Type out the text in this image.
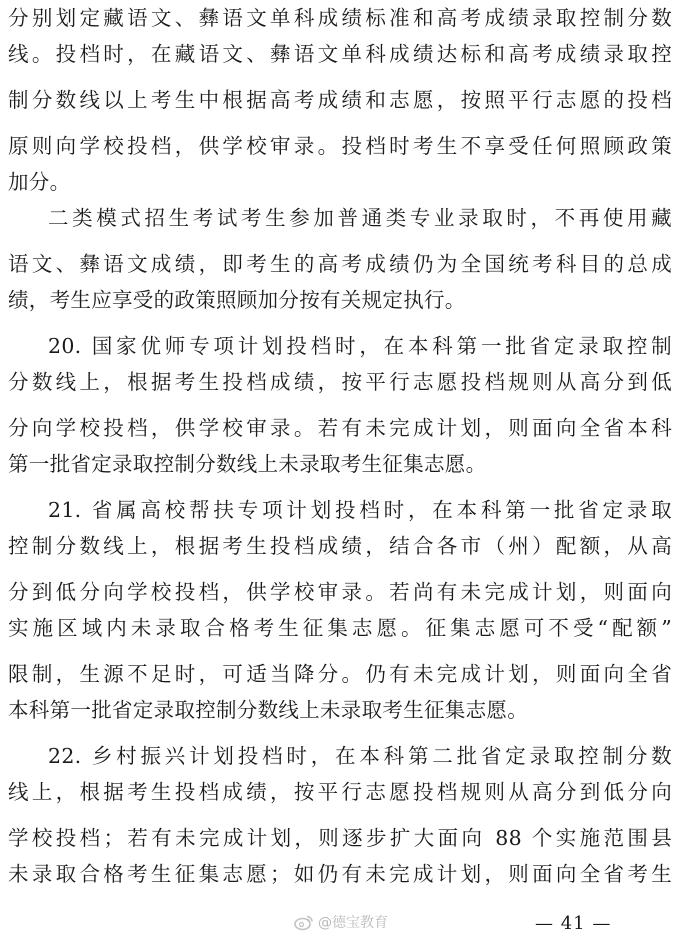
分别划定藏语文、彝语文单科成绩标准和高考成绩录取控制分数
线。投档时，在藏语文、彝语文单科成绩达标和高考成绩录取控
制分数线以上考生中根据高考成绩和志愿，按照平行志愿的投档
原则向学校投档，供学校审录。投档时考生不享受任何照顾政策
加分。
二类模式招生考试考生参加普通类专业录取时，不再使用藏
语文、彝语文成绩，即考生的高考成绩仍为全国统考科目的总成
绩，考生应享受的政策照顾加分按有关规定执行。
20. 国家优师专项计划投档时，在本科第一批省定录取控制
分数线上，根据考生投档成绩，按平行志愿投档规则从高分到低
分向学校投档，供学校审录。若有未完成计划，则面向全省本科
第一批省定录取控制分数线上未录取考生征集志愿。
21. 省属高校帮扶专项计划投档时，在本科第一批省定录取
控制分数线上，根据考生投档成绩，结合各市（州）配额，从高
分到低分向学校投档，供学校审录。若尚有未完成计划，则面向
实施区域内未录取合格考生征集志愿。征集志愿可不受“配额”
限制，生源不足时，可适当降分。仍有未完成计划，则面向全省
本科第一批省定录取控制分数线上未录取考生征集志愿。
22. 乡村振兴计划投档时，在本科第二批省定录取控制分数
线上，根据考生投档成绩，按平行志愿投档规则从高分到低分向
学校投档；若有未完成计划，则逐步扩大面向 88 个实施范围县
未录取合格考生征集志愿；如仍有未完成计划，则面向全省考生
@德宝教育	— 41 —
